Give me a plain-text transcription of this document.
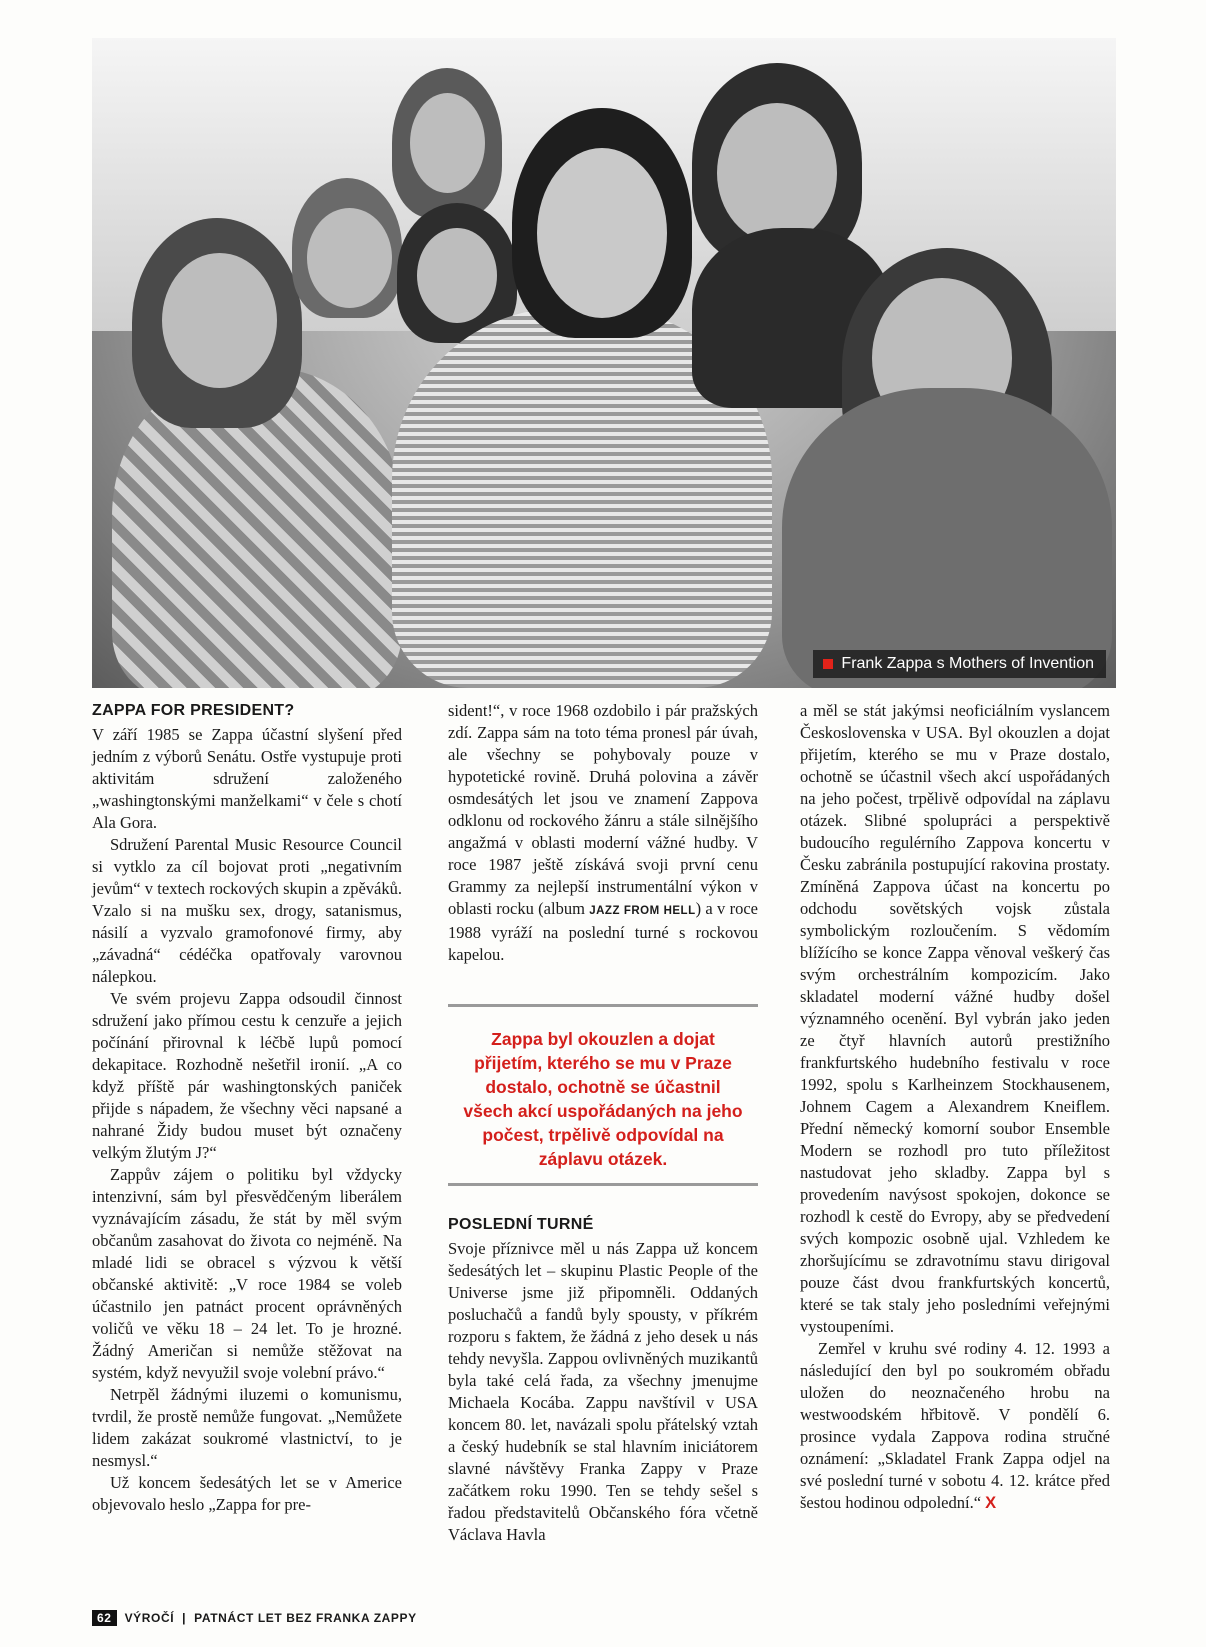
Frank Zappa s Mothers of Invention
ZAPPA FOR PRESIDENT?

V září 1985 se Zappa účastní slyšení před jedním z výborů Senátu. Ostře vystupuje proti aktivitám sdružení založeného „washingtonskými manželkami“ v čele s chotí Ala Gora.

Sdružení Parental Music Resource Council si vytklo za cíl bojovat proti „negativním jevům“ v textech rockových skupin a zpěváků. Vzalo si na mušku sex, drogy, satanismus, násilí a vyzvalo gramofonové firmy, aby „závadná“ cédéčka opatřovaly varovnou nálepkou.

Ve svém projevu Zappa odsoudil činnost sdružení jako přímou cestu k cenzuře a jejich počínání přirovnal k léčbě lupů pomocí dekapitace. Rozhodně nešetřil ironií. „A co když příště pár washingtonských paniček přijde s nápadem, že všechny věci napsané a nahrané Židy budou muset být označeny velkým žlutým J?“

Zappův zájem o politiku byl vždycky intenzivní, sám byl přesvědčeným liberálem vyznávajícím zásadu, že stát by měl svým občanům zasahovat do života co nejméně. Na mladé lidi se obracel s výzvou k větší občanské aktivitě: „V roce 1984 se voleb účastnilo jen patnáct procent oprávněných voličů ve věku 18 – 24 let. To je hrozné. Žádný Američan si nemůže stěžovat na systém, když nevyužil svoje volební právo.“

Netrpěl žádnými iluzemi o komunismu, tvrdil, že prostě nemůže fungovat. „Nemůžete lidem zakázat soukromé vlastnictví, to je nesmysl.“

Už koncem šedesátých let se v Americe objevovalo heslo „Zappa for pre-

sident!“, v roce 1968 ozdobilo i pár pražských zdí. Zappa sám na toto téma pronesl pár úvah, ale všechny se pohybovaly pouze v hypotetické rovině. Druhá polovina a závěr osmdesátých let jsou ve znamení Zappova odklonu od rockového žánru a stále silnějšího angažmá v oblasti moderní vážné hudby. V roce 1987 ještě získává svoji první cenu Grammy za nejlepší instrumentální výkon v oblasti rocku (album JAZZ FROM HELL) a v roce 1988 vyráží na poslední turné s rockovou kapelou.

Zappa byl okouzlen a dojat přijetím, kterého se mu v Praze dostalo, ochotně se účastnil všech akcí uspořádaných na jeho počest, trpělivě odpovídal na záplavu otázek.
POSLEDNÍ TURNÉ

Svoje příznivce měl u nás Zappa už koncem šedesátých let – skupinu Plastic People of the Universe jsme již připomněli. Oddaných posluchačů a fandů byly spousty, v příkrém rozporu s faktem, že žádná z jeho desek u nás tehdy nevyšla. Zappou ovlivněných muzikantů byla také celá řada, za všechny jmenujme Michaela Kocába. Zappu navštívil v USA koncem 80. let, navázali spolu přátelský vztah a český hudebník se stal hlavním iniciátorem slavné návštěvy Franka Zappy v Praze začátkem roku 1990. Ten se tehdy sešel s řadou představitelů Občanského fóra včetně Václava Havla

a měl se stát jakýmsi neoficiálním vyslancem Československa v USA. Byl okouzlen a dojat přijetím, kterého se mu v Praze dostalo, ochotně se účastnil všech akcí uspořádaných na jeho počest, trpělivě odpovídal na záplavu otázek. Slibné spolupráci a perspektivě budoucího regulérního Zappova koncertu v Česku zabránila postupující rakovina prostaty. Zmíněná Zappova účast na koncertu po odchodu sovětských vojsk zůstala symbolickým rozloučením. S vědomím blížícího se konce Zappa věnoval veškerý čas svým orchestrálním kompozicím. Jako skladatel moderní vážné hudby došel významného ocenění. Byl vybrán jako jeden ze čtyř hlavních autorů prestižního frankfurtského hudebního festivalu v roce 1992, spolu s Karlheinzem Stockhausenem, Johnem Cagem a Alexandrem Kneiflem. Přední německý komorní soubor Ensemble Modern se rozhodl pro tuto příležitost nastudovat jeho skladby. Zappa byl s provedením navýsost spokojen, dokonce se rozhodl k cestě do Evropy, aby se předvedení svých kompozic osobně ujal. Vzhledem ke zhoršujícímu se zdravotnímu stavu dirigoval pouze část dvou frankfurtských koncertů, které se tak staly jeho posledními veřejnými vystoupeními.

Zemřel v kruhu své rodiny 4. 12. 1993 a následující den byl po soukromém obřadu uložen do neoznačeného hrobu na westwoodském hřbitově. V pondělí 6. prosince vydala Zappova rodina stručné oznámení: „Skladatel Frank Zappa odjel na své poslední turné v sobotu 4. 12. krátce před šestou hodinou odpolední.“ X

62	VÝROČÍ | PATNÁCT LET BEZ FRANKA ZAPPY
